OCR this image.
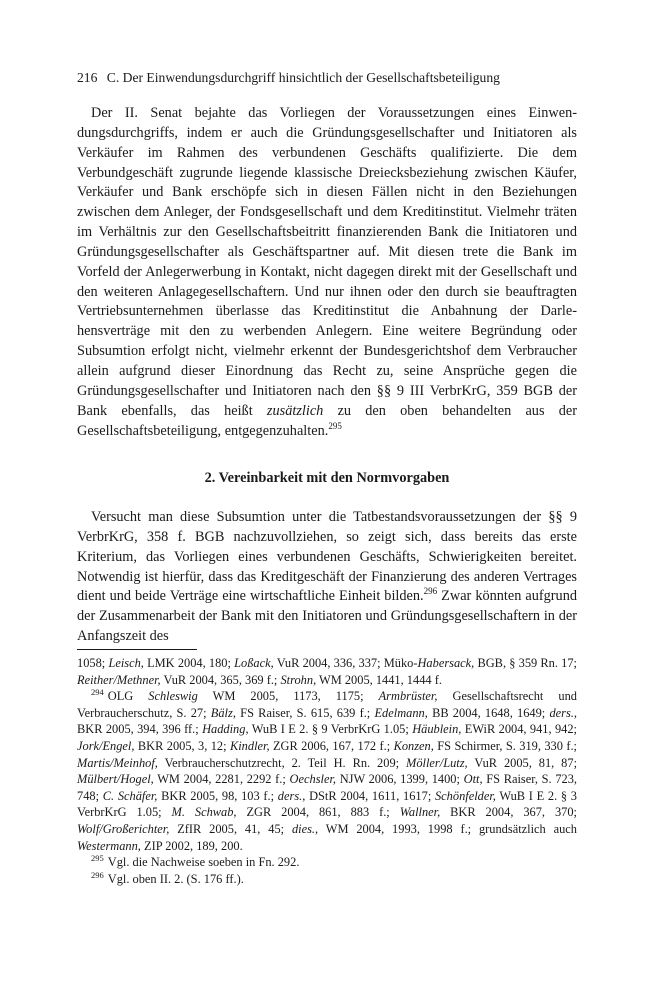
216 C. Der Einwendungsdurchgriff hinsichtlich der Gesellschaftsbeteiligung

Der II. Senat bejahte das Vorliegen der Voraussetzungen eines Einwendungsdurchgriffs, indem er auch die Gründungsgesellschafter und Initiatoren als Verkäufer im Rahmen des verbundenen Geschäfts qualifizierte. Die dem Verbundgeschäft zugrunde liegende klassische Dreiecksbeziehung zwischen Käufer, Verkäufer und Bank erschöpfe sich in diesen Fällen nicht in den Beziehungen zwischen dem Anleger, der Fondsgesellschaft und dem Kreditinstitut. Vielmehr träten im Verhältnis zur den Gesellschaftsbeitritt finanzierenden Bank die Initiatoren und Gründungsgesellschafter als Geschäftspartner auf. Mit diesen trete die Bank im Vorfeld der Anlegerwerbung in Kontakt, nicht dagegen direkt mit der Gesellschaft und den weiteren Anlagegesellschaftern. Und nur ihnen oder den durch sie beauftragten Vertriebsunternehmen überlasse das Kreditinstitut die Anbahnung der Darlehensverträge mit den zu werbenden Anlegern. Eine weitere Begründung oder Subsumtion erfolgt nicht, vielmehr erkennt der Bundesgerichtshof dem Verbraucher allein aufgrund dieser Einordnung das Recht zu, seine Ansprüche gegen die Gründungsgesellschafter und Initiatoren nach den §§ 9 III VerbrKrG, 359 BGB der Bank ebenfalls, das heißt zusätzlich zu den oben behandelten aus der Gesellschaftsbeteiligung, entgegenzuhalten.$^{295}$

2. Vereinbarkeit mit den Normvorgaben

Versucht man diese Subsumtion unter die Tatbestandsvoraussetzungen der §§ 9 VerbrKrG, 358 f. BGB nachzuvollziehen, so zeigt sich, dass bereits das erste Kriterium, das Vorliegen eines verbundenen Geschäfts, Schwierigkeiten bereitet. Notwendig ist hierfür, dass das Kreditgeschäft der Finanzierung des anderen Vertrages dient und beide Verträge eine wirtschaftliche Einheit bilden.$^{296}$ Zwar könnten aufgrund der Zusammenarbeit der Bank mit den Initiatoren und Gründungsgesellschaftern in der Anfangszeit des

1058; Leisch, LMK 2004, 180; Loßack, VuR 2004, 336, 337; Müko-Habersack, BGB, § 359 Rn. 17; Reither/Methner, VuR 2004, 365, 369 f.; Strohn, WM 2005, 1441, 1444 f.

$^{294}$ OLG Schleswig WM 2005, 1173, 1175; Armbrüster, Gesellschaftsrecht und Verbraucherschutz, S. 27; Bälz, FS Raiser, S. 615, 639 f.; Edelmann, BB 2004, 1648, 1649; ders., BKR 2005, 394, 396 ff.; Hadding, WuB I E 2. § 9 VerbrKrG 1.05; Häublein, EWiR 2004, 941, 942; Jork/Engel, BKR 2005, 3, 12; Kindler, ZGR 2006, 167, 172 f.; Konzen, FS Schirmer, S. 319, 330 f.; Martis/Meinhof, Verbraucherschutzrecht, 2. Teil H. Rn. 209; Möller/Lutz, VuR 2005, 81, 87; Mülbert/Hogel, WM 2004, 2281, 2292 f.; Oechsler, NJW 2006, 1399, 1400; Ott, FS Raiser, S. 723, 748; C. Schäfer, BKR 2005, 98, 103 f.; ders., DStR 2004, 1611, 1617; Schönfelder, WuB I E 2. § 3 VerbrKrG 1.05; M. Schwab, ZGR 2004, 861, 883 f.; Wallner, BKR 2004, 367, 370; Wolf/Großerichter, ZfIR 2005, 41, 45; dies., WM 2004, 1993, 1998 f.; grundsätzlich auch Westermann, ZIP 2002, 189, 200.

$^{295}$ Vgl. die Nachweise soeben in Fn. 292.

$^{296}$ Vgl. oben II. 2. (S. 176 ff.).
